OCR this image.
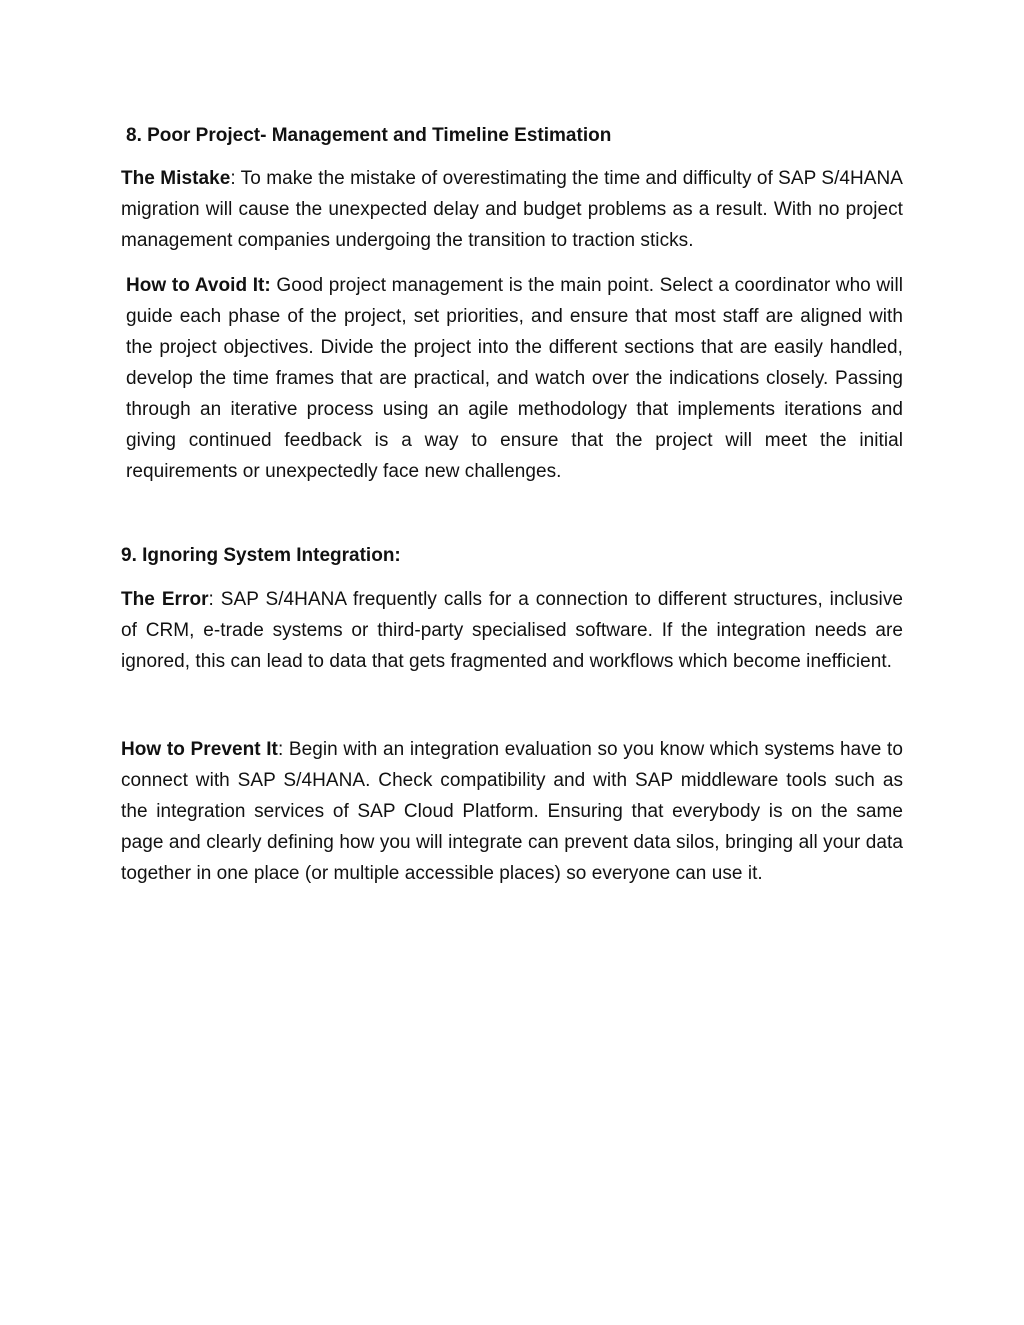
8. Poor Project- Management and Timeline Estimation

The Mistake: To make the mistake of overestimating the time and difficulty of SAP S/4HANA migration will cause the unexpected delay and budget problems as a result. With no project management companies undergoing the transition to traction sticks.

How to Avoid It: Good project management is the main point. Select a coordinator who will guide each phase of the project, set priorities, and ensure that most staff are aligned with the project objectives. Divide the project into the different sections that are easily handled, develop the time frames that are practical, and watch over the indications closely. Passing through an iterative process using an agile methodology that implements iterations and giving continued feedback is a way to ensure that the project will meet the initial requirements or unexpectedly face new challenges.

9. Ignoring System Integration:

The Error: SAP S/4HANA frequently calls for a connection to different structures, inclusive of CRM, e-trade systems or third-party specialised software. If the integration needs are ignored, this can lead to data that gets fragmented and workflows which become inefficient.

How to Prevent It: Begin with an integration evaluation so you know which systems have to connect with SAP S/4HANA. Check compatibility and with SAP middleware tools such as the integration services of SAP Cloud Platform. Ensuring that everybody is on the same page and clearly defining how you will integrate can prevent data silos, bringing all your data together in one place (or multiple accessible places) so everyone can use it.
